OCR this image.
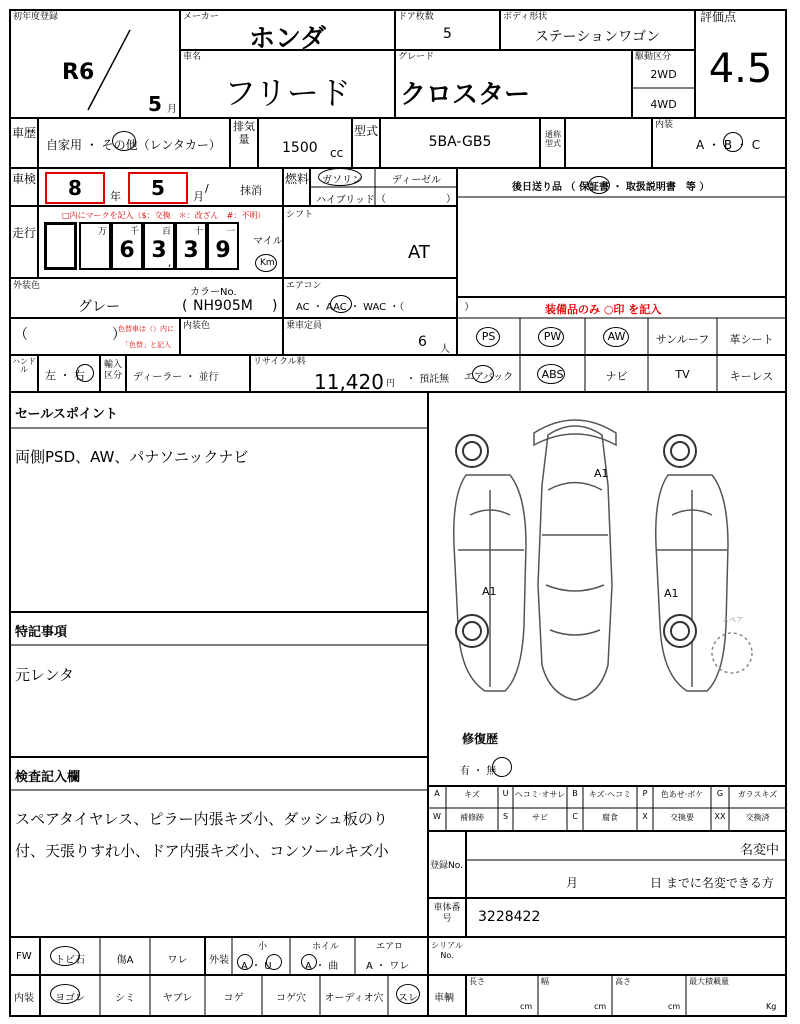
初年度登録
R6
5 月
メーカー
ホンダ
ドア枚数
5
ボディ形状
ステーションワゴン
評価点
4.5
車名
フリード
グレード
クロスター
駆動区分
2WD
4WD
車歴
自家用 ・ その他（レンタカー）
排気量
1500 cc
型式
5BA-GB5	通称型式
内装
A ・ B ・ C
車検	8	年	5	月
/	抹消
燃料 ガソリン	ディーゼル
ハイブリッド （　　　　　　）
後日送り品 （ 保証書 ・ 取扱説明書　等 ）
走行
□内にマークを記入（$：交換　＊：改ざん　#：不明）
万	千
6
百
3
十
3
一
9	マイル
Km
,
シフト
AT
外装色
グレー
カラーNo.
( NH905M )
エアコン
AC ・ AAC ・ WAC ・（　　　　　　）	装備品のみ ○印 を記入
（　　　　　　）
色替車は（）内に
「色替」と記入
内装色	乗車定員
6 人
PS	PW	AW	サンルーフ	革シート
エアバック	ABS	ナビ	TV	キーレス
ハンドル	左 ・ 右
輸入区分	ディーラー ・ 並行
リサイクル料
11,420 円 ・ 預託無
セールスポイント
両側PSD、AW、パナソニックナビ
特記事項
元レンタ
検査記入欄
スペアタイヤレス、ピラー内張キズ小、ダッシュ板のり
付、天張りすれ小、ドア内張キズ小、コンソールキズ小
A1
A1	A1
スペア
修復歴
有 ・ 無
A	キズ	U ヘコミ·オサレ B	キズ·ヘコミ	P	色あせ·ボケ	G	ガラスキズ
W	補修跡	S	サビ	C	腐食	X	交換要	XX	交換済
登録No.
名変中
月　　　　　　日 までに名変できる方
車体番号	3228422
シリアルNo.
FW	トビ石	傷A	ワレ	外装
小
A ・ U
ホイル
A ・ 曲
エアロ
A ・ ワレ
内装	ヨゴレ	シミ	ヤブレ	コゲ	コゲ穴	オーディオ穴	スレ	車輌
長さ
cm
幅
cm
高さ
cm
最大積載量
Kg
